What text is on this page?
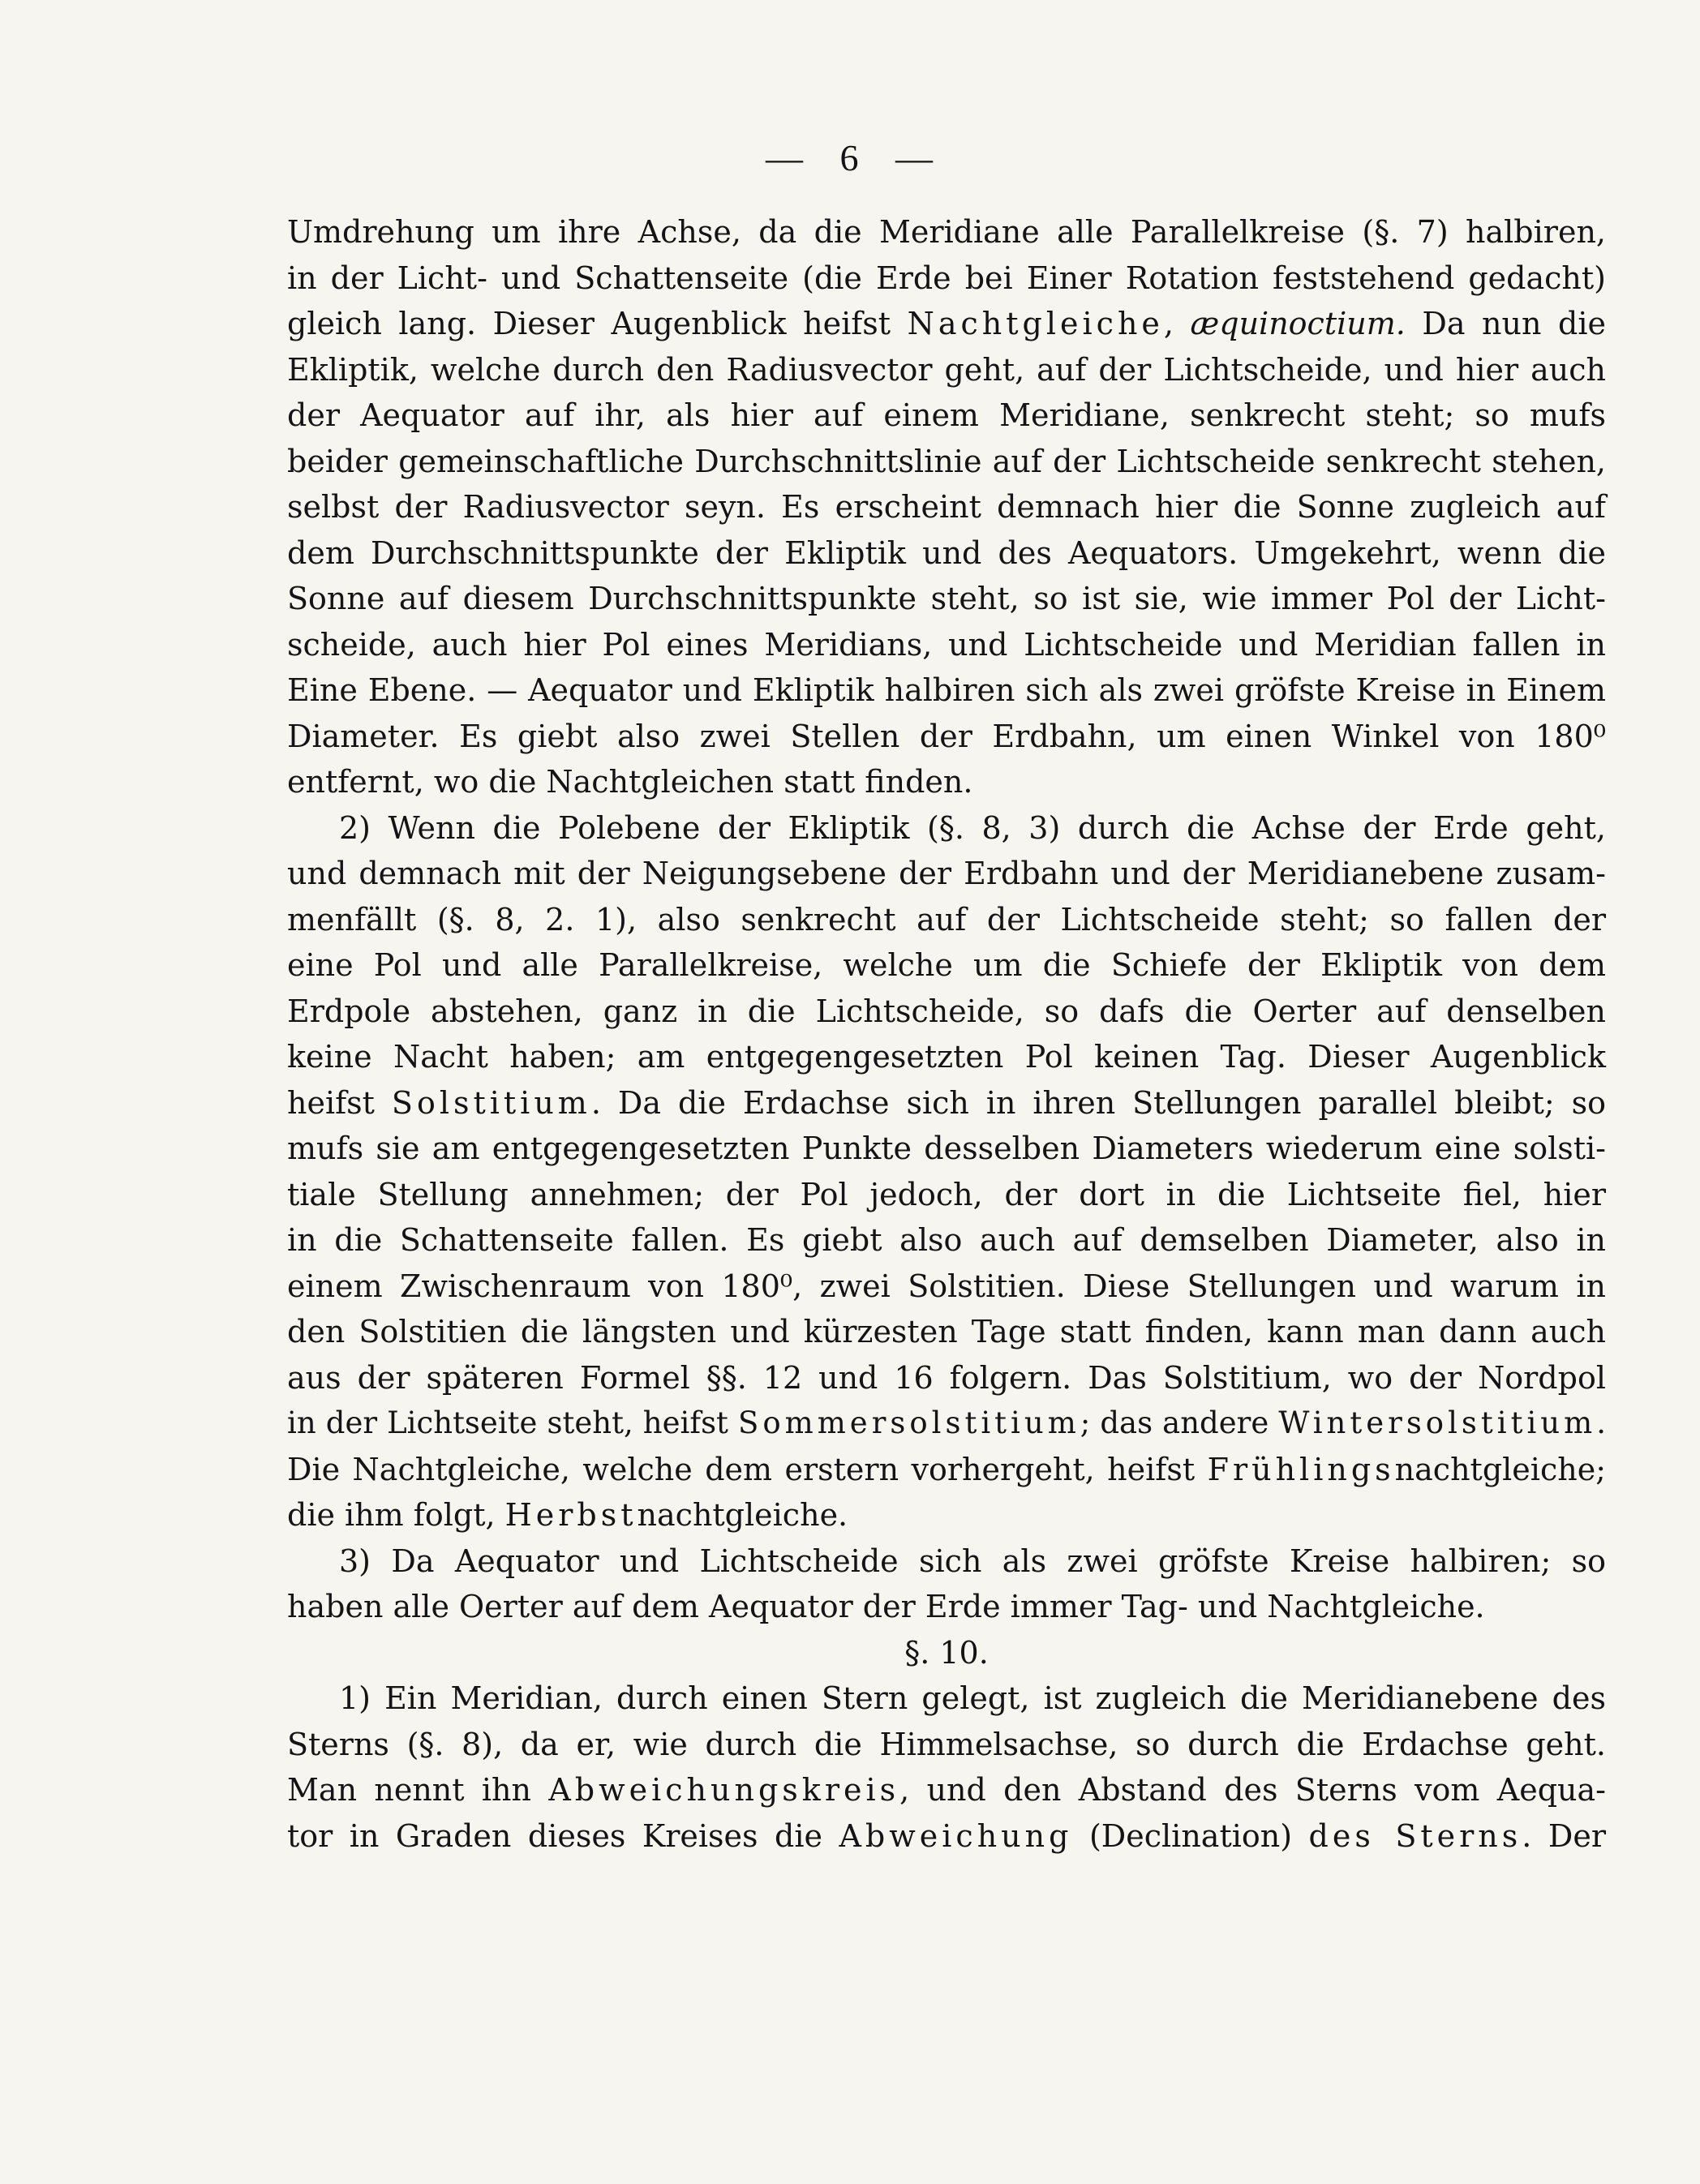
— 6 —
Umdrehung um ihre Achse, da die Meridiane alle Parallelkreise (§. 7) halbiren,
in der Licht- und Schattenseite (die Erde bei Einer Rotation feststehend gedacht)
gleich lang. Dieser Augenblick heifst Nachtgleiche, æquinoctium. Da nun die
Ekliptik, welche durch den Radiusvector geht, auf der Lichtscheide, und hier auch
der Aequator auf ihr, als hier auf einem Meridiane, senkrecht steht; so mufs
beider gemeinschaftliche Durchschnittslinie auf der Lichtscheide senkrecht stehen,
selbst der Radiusvector seyn. Es erscheint demnach hier die Sonne zugleich auf
dem Durchschnittspunkte der Ekliptik und des Aequators. Umgekehrt, wenn die
Sonne auf diesem Durchschnittspunkte steht, so ist sie, wie immer Pol der Licht-
scheide, auch hier Pol eines Meridians, und Lichtscheide und Meridian fallen in
Eine Ebene. — Aequator und Ekliptik halbiren sich als zwei gröfste Kreise in Einem
Diameter. Es giebt also zwei Stellen der Erdbahn, um einen Winkel von 180⁰
entfernt, wo die Nachtgleichen statt finden.
2) Wenn die Polebene der Ekliptik (§. 8, 3) durch die Achse der Erde geht,
und demnach mit der Neigungsebene der Erdbahn und der Meridianebene zusam-
menfällt (§. 8, 2. 1), also senkrecht auf der Lichtscheide steht; so fallen der
eine Pol und alle Parallelkreise, welche um die Schiefe der Ekliptik von dem
Erdpole abstehen, ganz in die Lichtscheide, so dafs die Oerter auf denselben
keine Nacht haben; am entgegengesetzten Pol keinen Tag. Dieser Augenblick
heifst Solstitium. Da die Erdachse sich in ihren Stellungen parallel bleibt; so
mufs sie am entgegengesetzten Punkte desselben Diameters wiederum eine solsti-
tiale Stellung annehmen; der Pol jedoch, der dort in die Lichtseite fiel, hier
in die Schattenseite fallen. Es giebt also auch auf demselben Diameter, also in
einem Zwischenraum von 180⁰, zwei Solstitien. Diese Stellungen und warum in
den Solstitien die längsten und kürzesten Tage statt finden, kann man dann auch
aus der späteren Formel §§. 12 und 16 folgern. Das Solstitium, wo der Nordpol
in der Lichtseite steht, heifst Sommersolstitium; das andere Wintersolstitium.
Die Nachtgleiche, welche dem erstern vorhergeht, heifst Frühlingsnachtgleiche;
die ihm folgt, Herbstnachtgleiche.
3) Da Aequator und Lichtscheide sich als zwei gröfste Kreise halbiren; so
haben alle Oerter auf dem Aequator der Erde immer Tag- und Nachtgleiche.
§. 10.
1) Ein Meridian, durch einen Stern gelegt, ist zugleich die Meridianebene des
Sterns (§. 8), da er, wie durch die Himmelsachse, so durch die Erdachse geht.
Man nennt ihn Abweichungskreis, und den Abstand des Sterns vom Aequa-
tor in Graden dieses Kreises die Abweichung (Declination) des Sterns. Der
